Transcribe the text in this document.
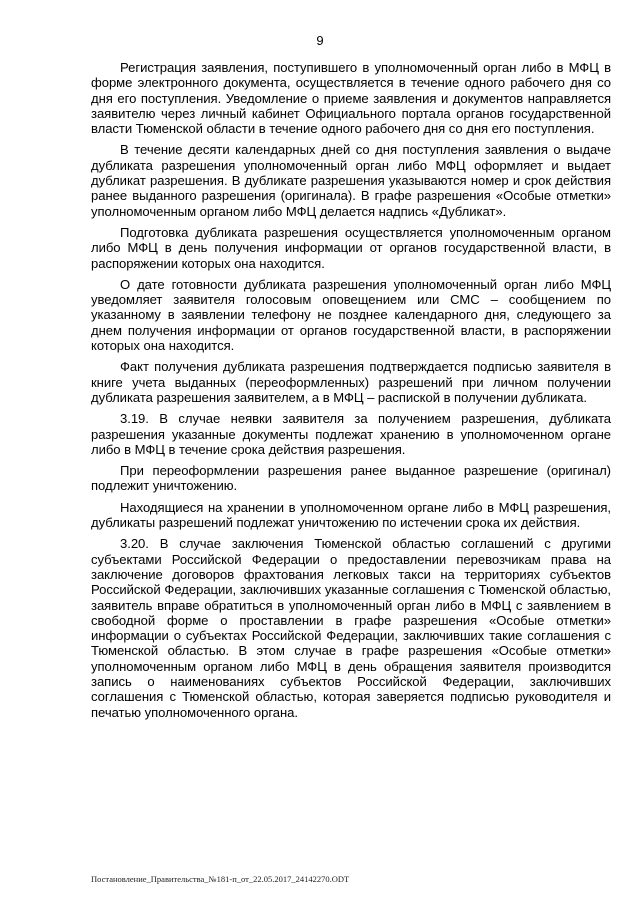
9

Регистрация заявления, поступившего в уполномоченный орган либо в МФЦ в форме электронного документа, осуществляется в течение одного рабочего дня со дня его поступления. Уведомление о приеме заявления и документов направляется заявителю через личный кабинет Официального портала органов государственной власти Тюменской области в течение одного рабочего дня со дня его поступления.

В течение десяти календарных дней со дня поступления заявления о выдаче дубликата разрешения уполномоченный орган либо МФЦ оформляет и выдает дубликат разрешения. В дубликате разрешения указываются номер и срок действия ранее выданного разрешения (оригинала). В графе разрешения «Особые отметки» уполномоченным органом либо МФЦ делается надпись «Дубликат».

Подготовка дубликата разрешения осуществляется уполномоченным органом либо МФЦ в день получения информации от органов государственной власти, в распоряжении которых она находится.

О дате готовности дубликата разрешения уполномоченный орган либо МФЦ уведомляет заявителя голосовым оповещением или СМС – сообщением по указанному в заявлении телефону не позднее календарного дня, следующего за днем получения информации от органов государственной власти, в распоряжении которых она находится.

Факт получения дубликата разрешения подтверждается подписью заявителя в книге учета выданных (переоформленных) разрешений при личном получении дубликата разрешения заявителем, а в МФЦ – распиской в получении дубликата.

3.19. В случае неявки заявителя за получением разрешения, дубликата разрешения указанные документы подлежат хранению в уполномоченном органе либо в МФЦ в течение срока действия разрешения.

При переоформлении разрешения ранее выданное разрешение (оригинал) подлежит уничтожению.

Находящиеся на хранении в уполномоченном органе либо в МФЦ разрешения, дубликаты разрешений подлежат уничтожению по истечении срока их действия.

3.20. В случае заключения Тюменской областью соглашений с другими субъектами Российской Федерации о предоставлении перевозчикам права на заключение договоров фрахтования легковых такси на территориях субъектов Российской Федерации, заключивших указанные соглашения с Тюменской областью, заявитель вправе обратиться в уполномоченный орган либо в МФЦ с заявлением в свободной форме о проставлении в графе разрешения «Особые отметки» информации о субъектах Российской Федерации, заключивших такие соглашения с Тюменской областью. В этом случае в графе разрешения «Особые отметки» уполномоченным органом либо МФЦ в день обращения заявителя производится запись о наименованиях субъектов Российской Федерации, заключивших соглашения с Тюменской областью, которая заверяется подписью руководителя и печатью уполномоченного органа.

Постановление_Правительства_№181-п_от_22.05.2017_24142270.ODT
